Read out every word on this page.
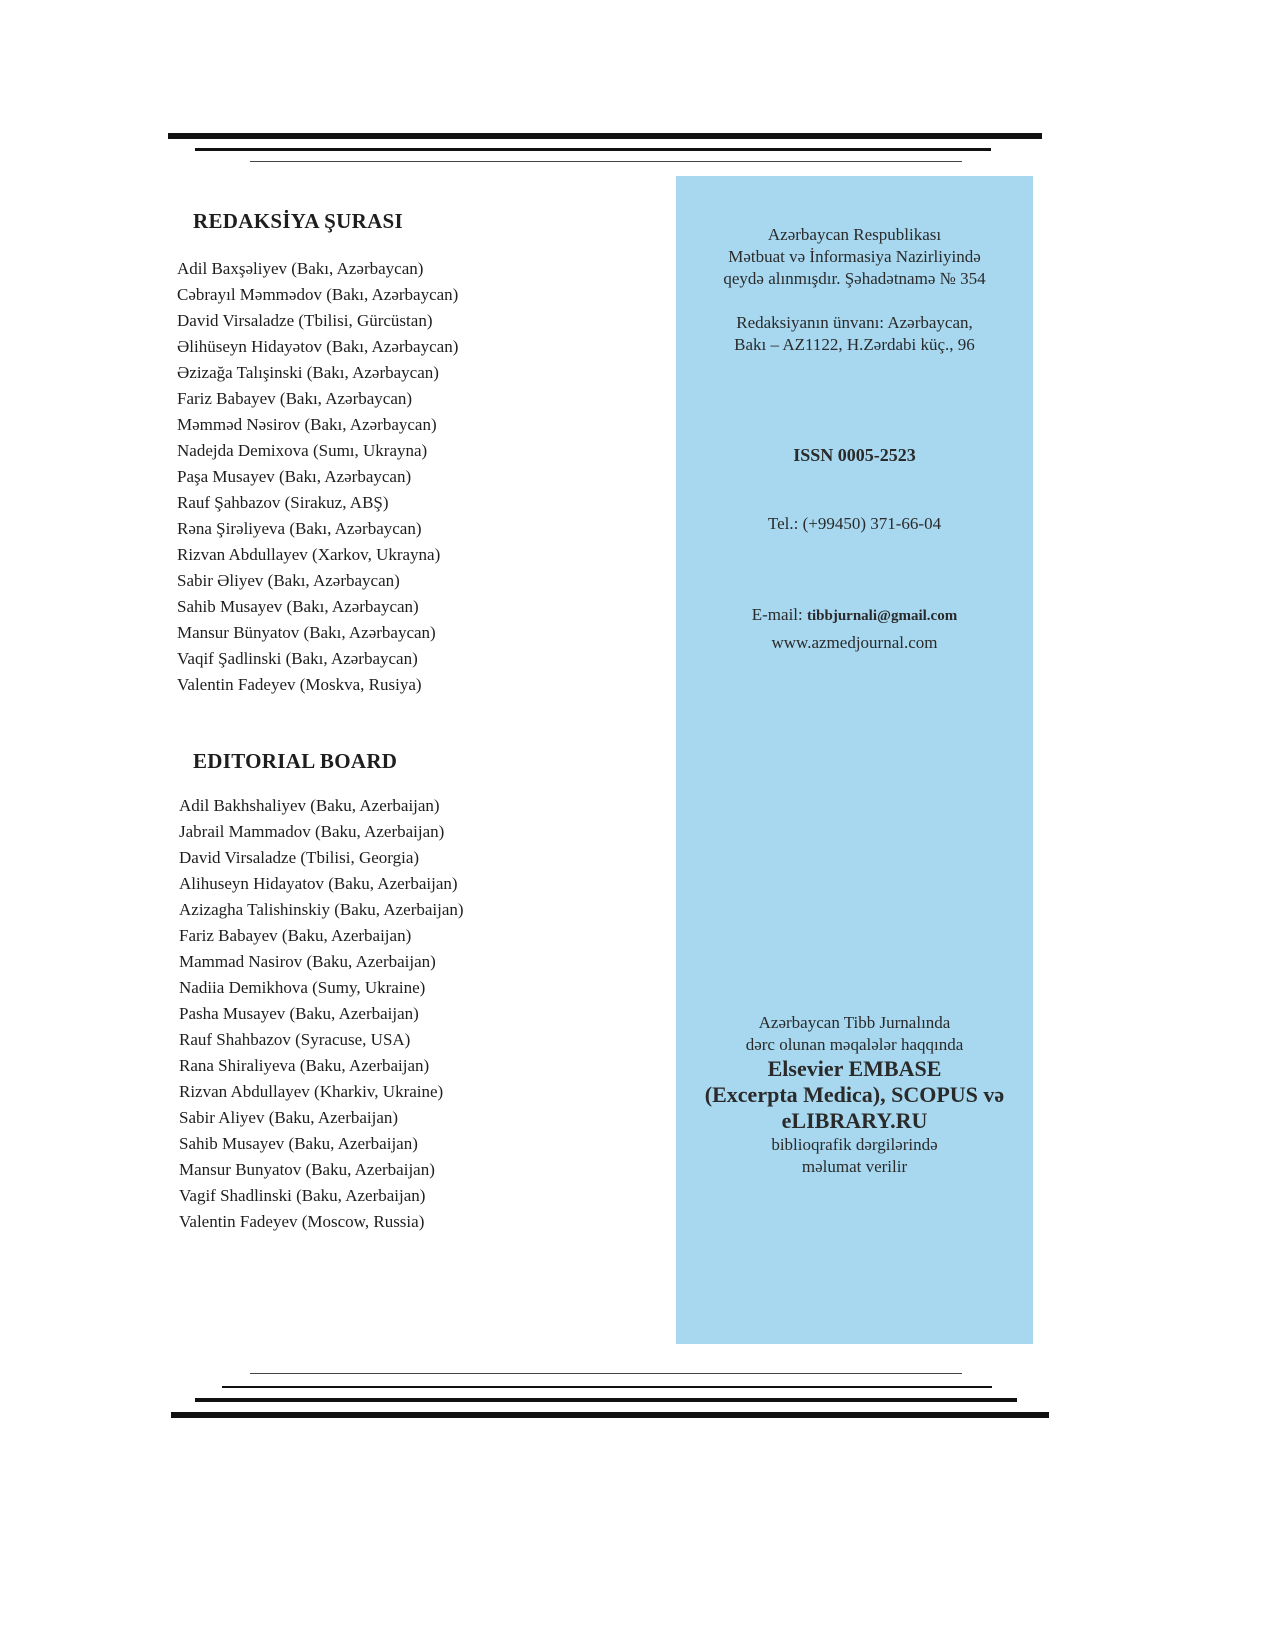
REDAKSİYA ŞURASI
Adil Baxşəliyev (Bakı, Azərbaycan)
Cəbrayıl Məmmədov (Bakı, Azərbaycan)
David Virsaladze (Tbilisi, Gürcüstan)
Əlihüseyn Hidayətov (Bakı, Azərbaycan)
Əzizağa Talışinski (Bakı, Azərbaycan)
Fariz Babayev (Bakı, Azərbaycan)
Məmməd Nəsirov (Bakı, Azərbaycan)
Nadejda Demixova (Sumı, Ukrayna)
Paşa Musayev (Bakı, Azərbaycan)
Rauf Şahbazov (Sirakuz, ABŞ)
Rəna Şirəliyeva (Bakı, Azərbaycan)
Rizvan Abdullayev (Xarkov, Ukrayna)
Sabir Əliyev (Bakı, Azərbaycan)
Sahib Musayev (Bakı, Azərbaycan)
Mansur Bünyatov (Bakı, Azərbaycan)
Vaqif Şadlinski (Bakı, Azərbaycan)
Valentin Fadeyev (Moskva, Rusiya)
EDITORIAL BOARD
Adil Bakhshaliyev (Baku, Azerbaijan)
Jabrail Mammadov (Baku, Azerbaijan)
David Virsaladze (Tbilisi, Georgia)
Alihuseyn Hidayatov (Baku, Azerbaijan)
Azizagha Talishinskiy (Baku, Azerbaijan)
Fariz Babayev (Baku, Azerbaijan)
Mammad Nasirov (Baku, Azerbaijan)
Nadiia Demikhova (Sumy, Ukraine)
Pasha Musayev (Baku, Azerbaijan)
Rauf Shahbazov (Syracuse, USA)
Rana Shiraliyeva (Baku, Azerbaijan)
Rizvan Abdullayev (Kharkiv, Ukraine)
Sabir Aliyev (Baku, Azerbaijan)
Sahib Musayev (Baku, Azerbaijan)
Mansur Bunyatov (Baku, Azerbaijan)
Vagif Shadlinski (Baku, Azerbaijan)
Valentin Fadeyev (Moscow, Russia)
Azərbaycan Respublikası
Mətbuat və İnformasiya Nazirliyində
qeydə alınmışdır. Şəhadətnamə № 354
Redaksiyanın ünvanı: Azərbaycan,
Bakı – AZ1122, H.Zərdabi küç., 96
ISSN 0005-2523
Tel.: (+99450) 371-66-04
E-mail: tibbjurnali@gmail.com
www.azmedjournal.com
Azərbaycan Tibb Jurnalında
dərc olunan məqalələr haqqında
Elsevier EMBASE
(Excerpta Medica), SCOPUS və
eLIBRARY.RU
biblioqrafik dərgilərində
məlumat verilir
